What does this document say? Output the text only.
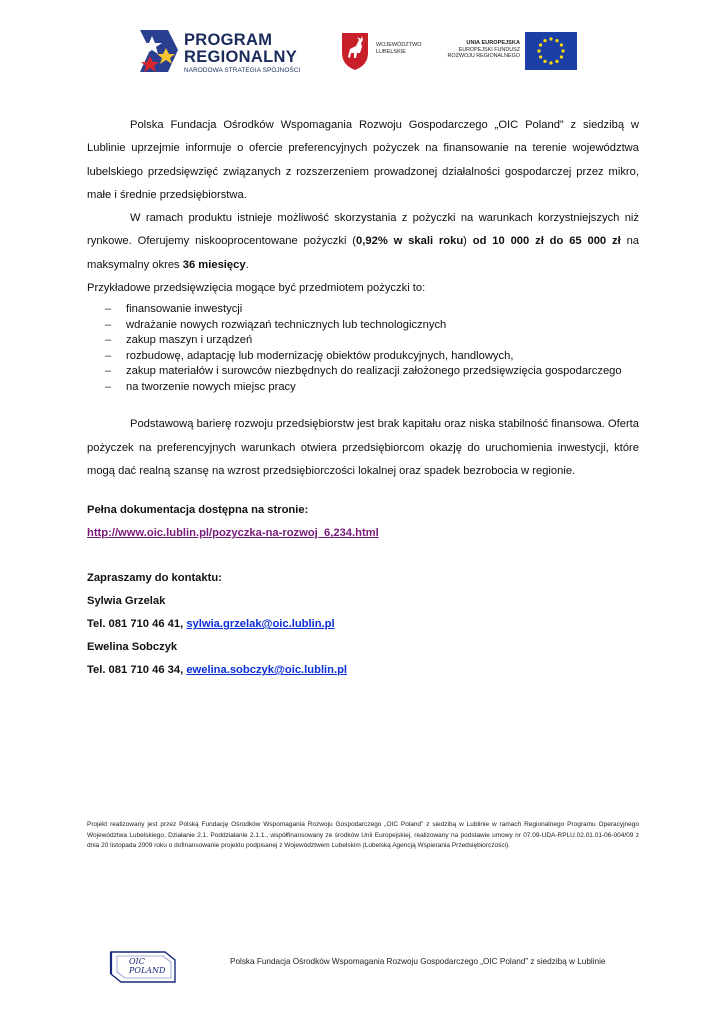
PROGRAM
REGIONALNY
NARODOWA STRATEGIA SPÓJNOŚCI
WOJEWÓDZTWO
LUBELSKIE
UNIA EUROPEJSKA
EUROPEJSKI FUNDUSZ
ROZWOJU REGIONALNEGO

Polska Fundacja Ośrodków Wspomagania Rozwoju Gospodarczego „OIC Poland” z siedzibą w Lublinie uprzejmie informuje o ofercie preferencyjnych pożyczek na finansowanie na terenie województwa lubelskiego przedsięwzięć związanych z rozszerzeniem prowadzonej działalności gospodarczej przez mikro, małe i średnie przedsiębiorstwa.

W ramach produktu istnieje możliwość skorzystania z pożyczki na warunkach korzystniejszych niż rynkowe. Oferujemy niskooprocentowane pożyczki (0,92% w skali roku) od 10 000 zł do 65 000 zł na maksymalny okres 36 miesięcy.

Przykładowe przedsięwzięcia mogące być przedmiotem pożyczki to:

– finansowanie inwestycji
– wdrażanie nowych rozwiązań technicznych lub technologicznych
– zakup maszyn i urządzeń
– rozbudowę, adaptację lub modernizację obiektów produkcyjnych, handlowych,
– zakup materiałów i surowców niezbędnych do realizacji założonego przedsięwzięcia gospodarczego
– na tworzenie nowych miejsc pracy

Podstawową barierę rozwoju przedsiębiorstw jest brak kapitału oraz niska stabilność finansowa. Oferta pożyczek na preferencyjnych warunkach otwiera przedsiębiorcom okazję do uruchomienia inwestycji, które mogą dać realną szansę na wzrost przedsiębiorczości lokalnej oraz spadek bezrobocia w regionie.

Pełna dokumentacja dostępna na stronie:

http://www.oic.lublin.pl/pozyczka-na-rozwoj_6,234.html

Zapraszamy do kontaktu:

Sylwia Grzelak

Tel. 081 710 46 41, sylwia.grzelak@oic.lublin.pl

Ewelina Sobczyk

Tel. 081 710 46 34, ewelina.sobczyk@oic.lublin.pl

Projekt realizowany jest przez Polską Fundację Ośrodków Wspomagania Rozwoju Gospodarczego „OIC Poland” z siedzibą w Lublinie w ramach Regionalnego Programu Operacyjnego Województwa Lubelskiego, Działanie 2.1. Poddziałanie 2.1.1., współfinansowany ze środków Unii Europejskiej, realizowany na podstawie umowy nr 07.09-UDA-RPLU.02.01.01-06-004/09 z dnia 20 listopada 2009 roku o dofinansowanie projektu podpisanej z Województwem Lubelskim (Lubelską Agencją Wspierania Przedsiębiorczości).
OIC
POLAND
Polska Fundacja Ośrodków Wspomagania Rozwoju Gospodarczego „OIC Poland” z siedzibą w Lublinie
